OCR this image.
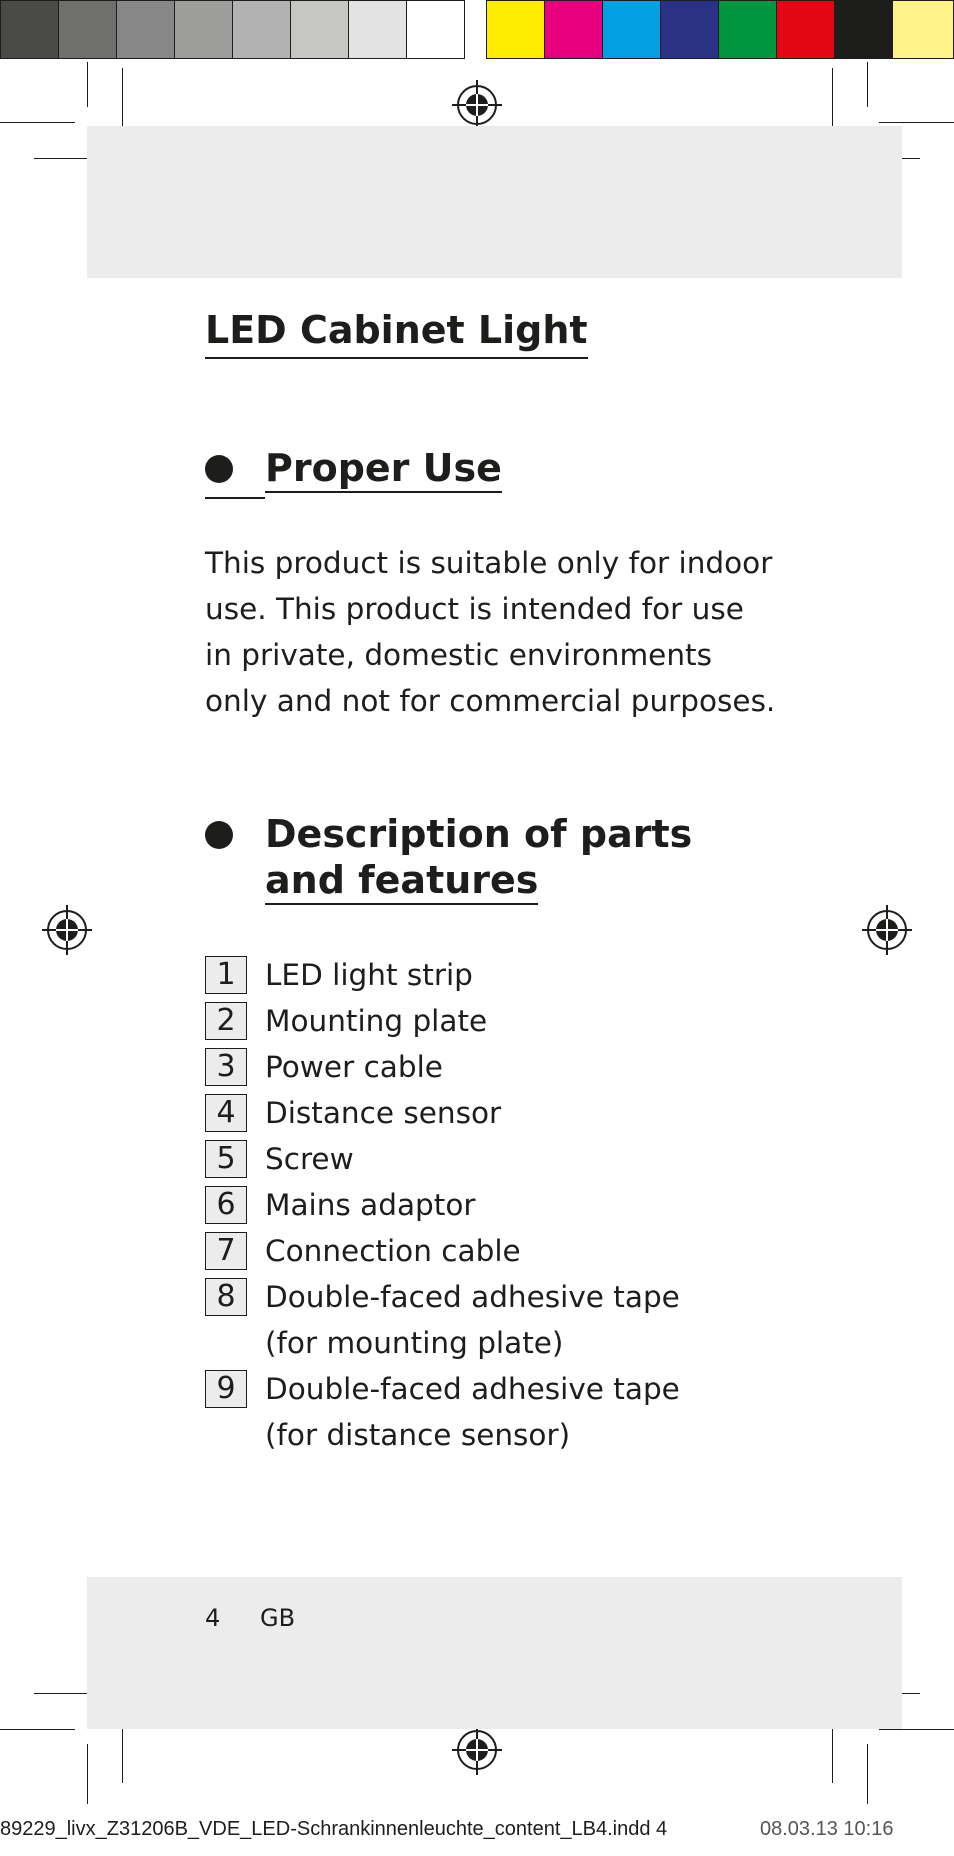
LED Cabinet Light
Proper Use
This product is suitable only for indoor
use. This product is intended for use
in private, domestic environments
only and not for commercial purposes.
Description of parts
and features
1 LED light strip
2 Mounting plate
3 Power cable
4 Distance sensor
5 Screw
6 Mains adaptor
7 Connection cable
8 Double-faced adhesive tape
(for mounting plate)
9 Double-faced adhesive tape
(for distance sensor)
4 GB
89229_livx_Z31206B_VDE_LED-Schrankinnenleuchte_content_LB4.indd 4	08.03.13 10:16
